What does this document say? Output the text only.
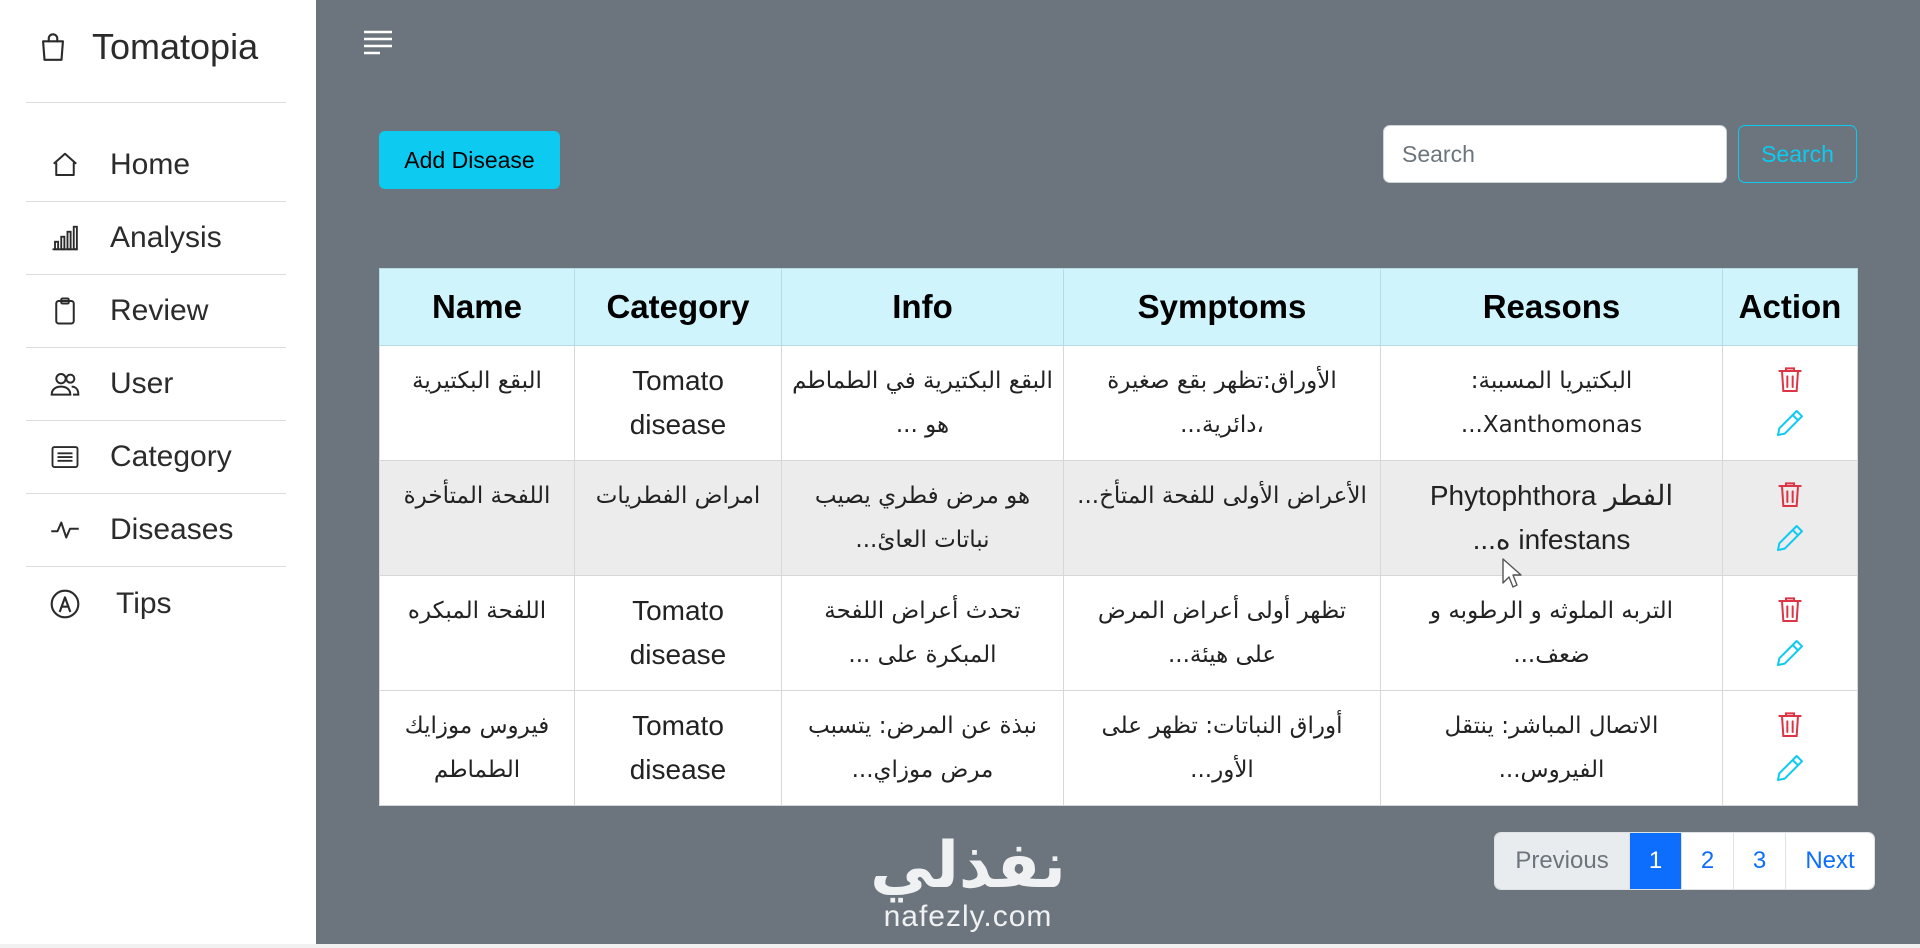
Tomatopia
Home
Analysis
Review
User
Category
Diseases
Tips
Add Disease
Search	Search
Name	Category	Info	Symptoms	Reasons	Action
البقع البكتيرية	Tomato disease	البقع البكتيرية في الطماطم هو ...	الأوراق:تظهر بقع صغيرة ،دائرية...	البكتيريا المسببة: Xanthomonas...	

اللفحة المتأخرة	امراض الفطريات	هو مرض فطري يصيب نباتات العائ...	الأعراض الأولى للفحة المتأخ...	الفطر Phytophthora infestans ه...	

اللفحة المبكره	Tomato disease	تحدث أعراض اللفحة المبكرة على ...	تظهر أولى أعراض المرض على هيئة...	التربه الملوثه و الرطوبه و ضعف...	

فيروس موزايك الطماطم	Tomato disease	نبذة عن المرض: يتسبب مرض موزاي...	أوراق النباتات: تظهر على الأور...	الاتصال المباشر: ينتقل الفيروس...	
نفذلي
nafezly.com
Previous	1	2	3	Next
